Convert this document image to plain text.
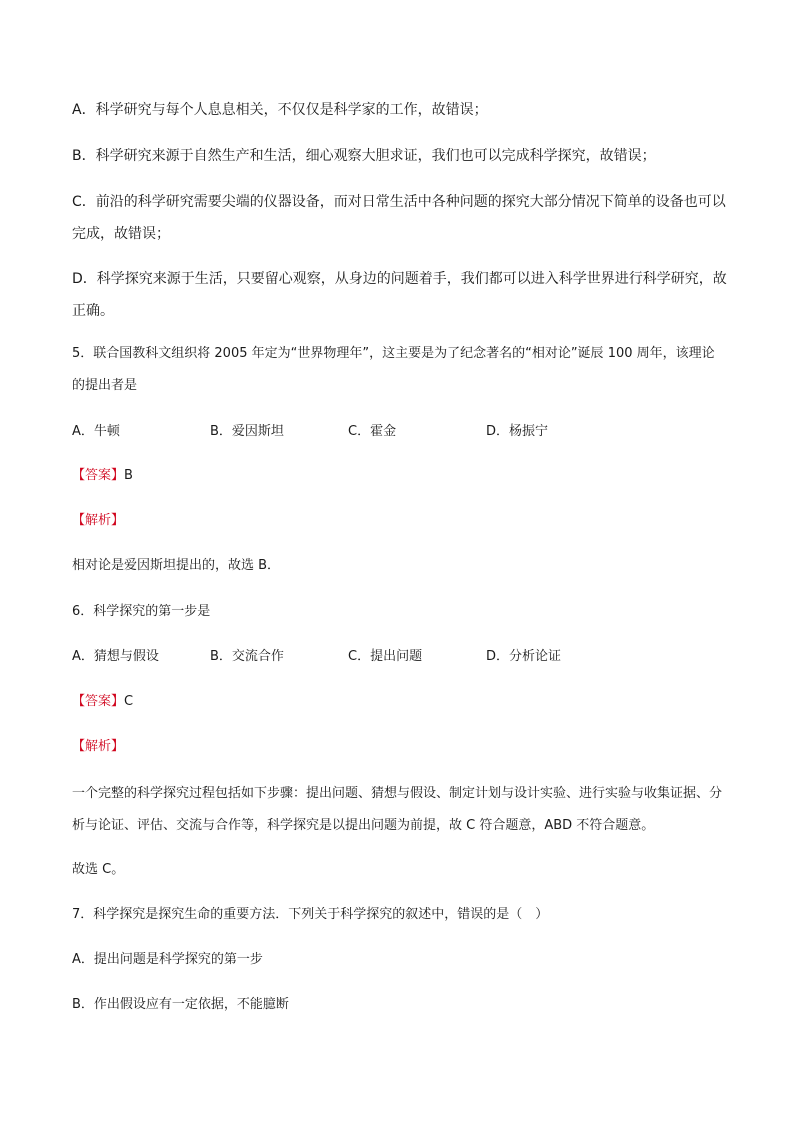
A．科学研究与每个人息息相关，不仅仅是科学家的工作，故错误；
B．科学研究来源于自然生产和生活，细心观察大胆求证，我们也可以完成科学探究，故错误；
C．前沿的科学研究需要尖端的仪器设备，而对日常生活中各种问题的探究大部分情况下简单的设备也可以完成，故错误；
D．科学探究来源于生活，只要留心观察，从身边的问题着手，我们都可以进入科学世界进行科学研究，故正确。
5．联合国教科文组织将 2005 年定为“世界物理年”，这主要是为了纪念著名的“相对论”诞辰 100 周年，该理论的提出者是
A．牛顿	B．爱因斯坦	C．霍金	D．杨振宁
【答案】B
【解析】
相对论是爱因斯坦提出的，故选 B．
6．科学探究的第一步是
A．猜想与假设	B．交流合作	C．提出问题	D．分析论证
【答案】C
【解析】
一个完整的科学探究过程包括如下步骤：提出问题、猜想与假设、制定计划与设计实验、进行实验与收集证据、分析与论证、评估、交流与合作等，科学探究是以提出问题为前提，故 C 符合题意，ABD 不符合题意。
故选 C。
7．科学探究是探究生命的重要方法．下列关于科学探究的叙述中，错误的是（　）
A．提出问题是科学探究的第一步
B．作出假设应有一定依据，不能臆断
